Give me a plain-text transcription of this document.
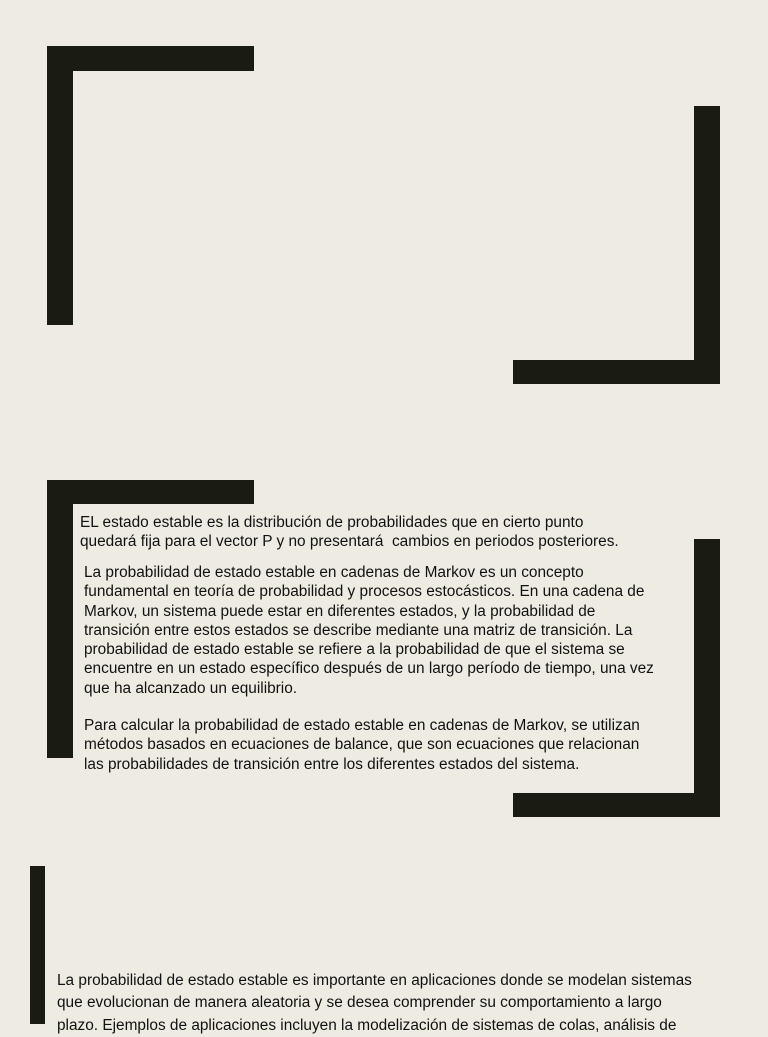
EL estado estable es la distribución de probabilidades que en cierto punto
quedará fija para el vector P y no presentará  cambios en periodos posteriores.

La probabilidad de estado estable en cadenas de Markov es un concepto
fundamental en teoría de probabilidad y procesos estocásticos. En una cadena de
Markov, un sistema puede estar en diferentes estados, y la probabilidad de
transición entre estos estados se describe mediante una matriz de transición. La
probabilidad de estado estable se refiere a la probabilidad de que el sistema se
encuentre en un estado específico después de un largo período de tiempo, una vez
que ha alcanzado un equilibrio.

Para calcular la probabilidad de estado estable en cadenas de Markov, se utilizan
métodos basados en ecuaciones de balance, que son ecuaciones que relacionan
las probabilidades de transición entre los diferentes estados del sistema.

La probabilidad de estado estable es importante en aplicaciones donde se modelan sistemas
que evolucionan de manera aleatoria y se desea comprender su comportamiento a largo
plazo. Ejemplos de aplicaciones incluyen la modelización de sistemas de colas, análisis de
